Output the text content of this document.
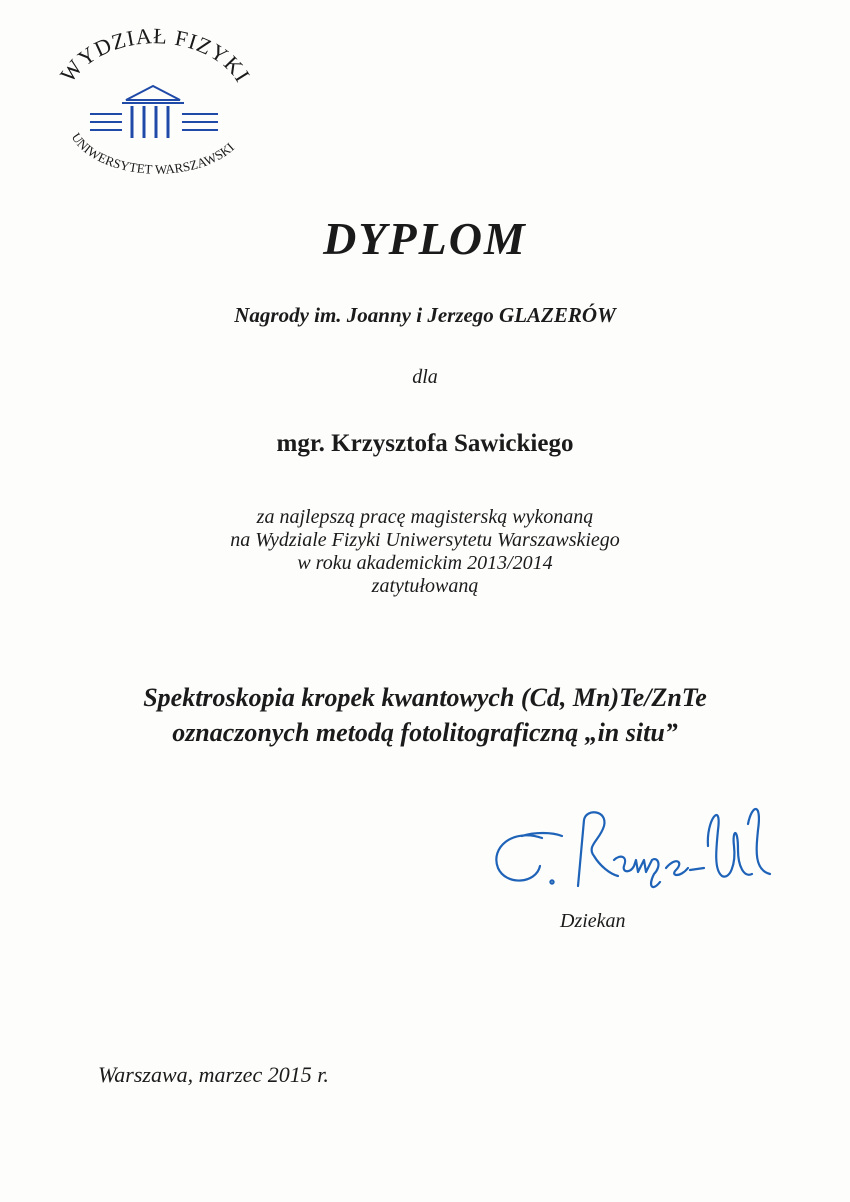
WYDZIAŁ FIZYKI
UNIWERSYTET WARSZAWSKI
DYPLOM
Nagrody im. Joanny i Jerzego GLAZERÓW
dla
mgr. Krzysztofa Sawickiego
za najlepszą pracę magisterską wykonaną
na Wydziale Fizyki Uniwersytetu Warszawskiego
w roku akademickim 2013/2014
zatytułowaną
Spektroskopia kropek kwantowych (Cd, Mn)Te/ZnTe
oznaczonych metodą fotolitograficzną „in situ”
Dziekan
Warszawa, marzec 2015 r.
